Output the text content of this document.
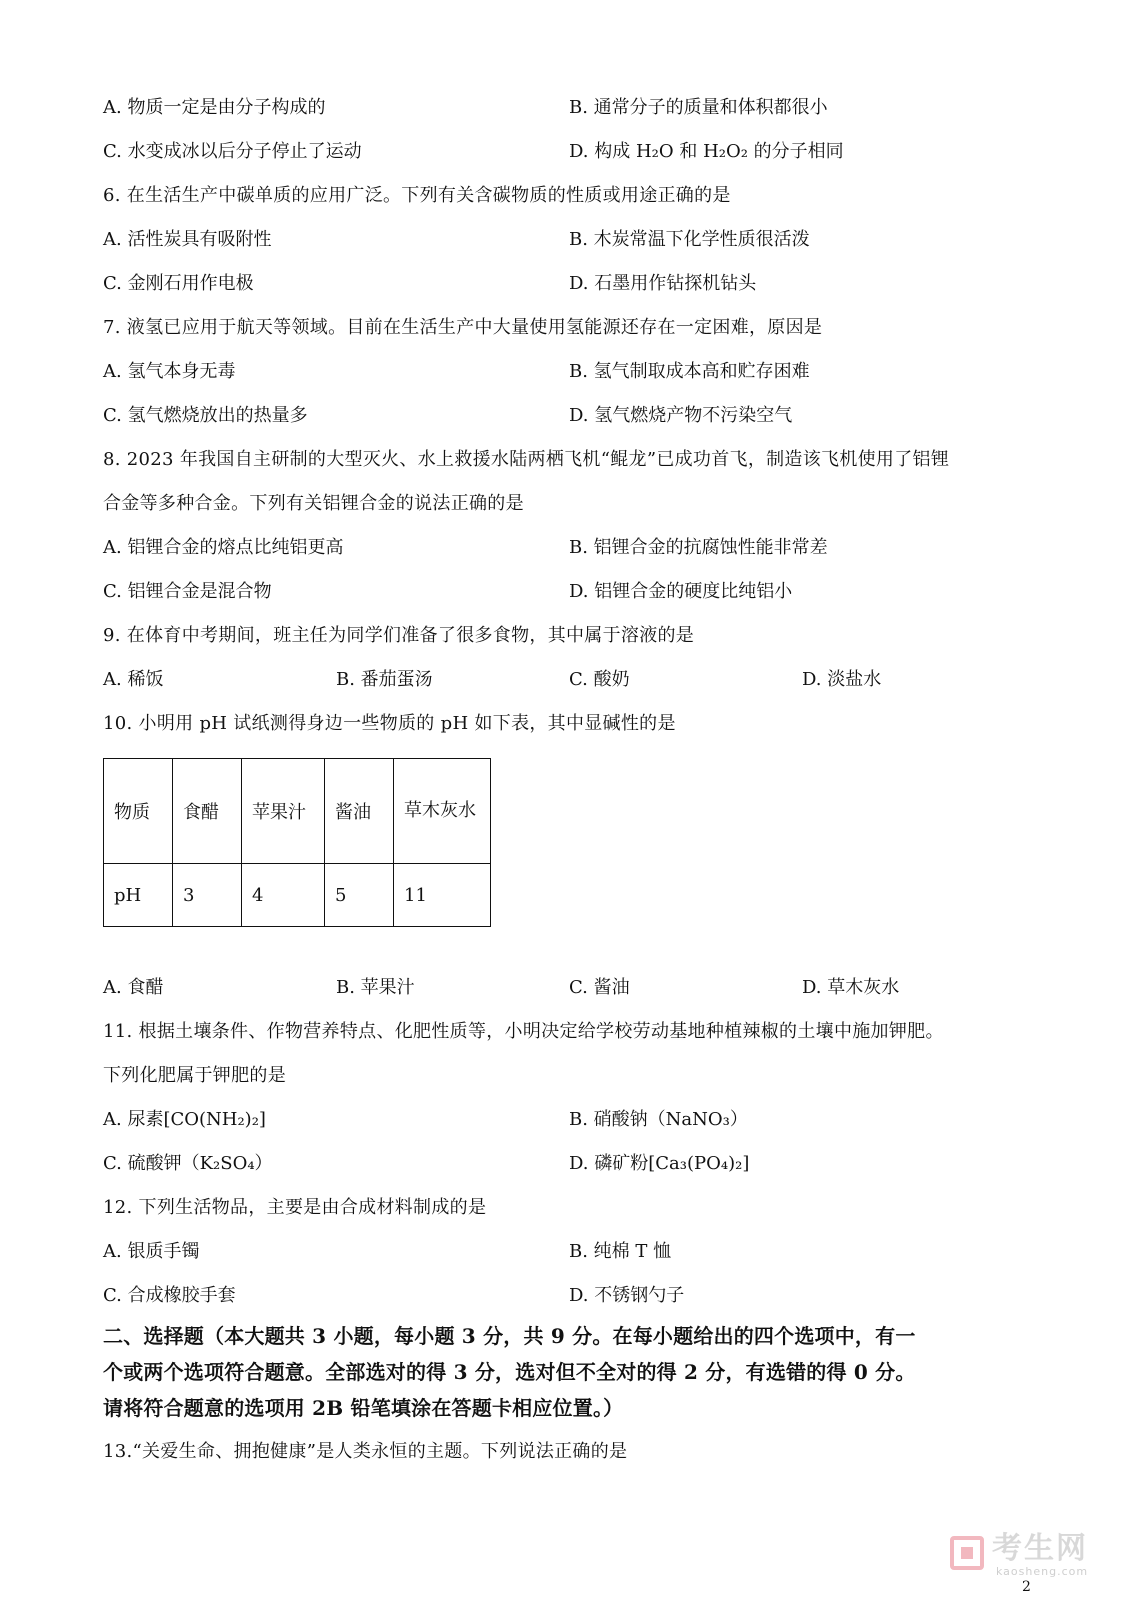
A. 物质一定是由分子构成的	B. 通常分子的质量和体积都很小
C. 水变成冰以后分子停止了运动	D. 构成 H₂O 和 H₂O₂ 的分子相同
6. 在生活生产中碳单质的应用广泛。下列有关含碳物质的性质或用途正确的是
A. 活性炭具有吸附性	B. 木炭常温下化学性质很活泼
C. 金刚石用作电极	D. 石墨用作钻探机钻头
7. 液氢已应用于航天等领域。目前在生活生产中大量使用氢能源还存在一定困难，原因是
A. 氢气本身无毒	B. 氢气制取成本高和贮存困难
C. 氢气燃烧放出的热量多	D. 氢气燃烧产物不污染空气
8. 2023 年我国自主研制的大型灭火、水上救援水陆两栖飞机“鲲龙”已成功首飞，制造该飞机使用了铝锂
合金等多种合金。下列有关铝锂合金的说法正确的是
A. 铝锂合金的熔点比纯铝更高	B. 铝锂合金的抗腐蚀性能非常差
C. 铝锂合金是混合物	D. 铝锂合金的硬度比纯铝小
9. 在体育中考期间，班主任为同学们准备了很多食物，其中属于溶液的是
A. 稀饭	B. 番茄蛋汤	C. 酸奶	D. 淡盐水
10. 小明用 pH 试纸测得身边一些物质的 pH 如下表，其中显碱性的是
物质	食醋	苹果汁	酱油	草木灰水
pH	3	4	5	11
A. 食醋	B. 苹果汁	C. 酱油	D. 草木灰水
11. 根据土壤条件、作物营养特点、化肥性质等，小明决定给学校劳动基地种植辣椒的土壤中施加钾肥。
下列化肥属于钾肥的是
A. 尿素[CO(NH₂)₂]	B. 硝酸钠（NaNO₃）
C. 硫酸钾（K₂SO₄）	D. 磷矿粉[Ca₃(PO₄)₂]
12. 下列生活物品，主要是由合成材料制成的是
A. 银质手镯	B. 纯棉 T 恤
C. 合成橡胶手套	D. 不锈钢勺子
二、选择题（本大题共 3 小题，每小题 3 分，共 9 分。在每小题给出的四个选项中，有一
个或两个选项符合题意。全部选对的得 3 分，选对但不全对的得 2 分，有选错的得 0 分。
请将符合题意的选项用 2B 铅笔填涂在答题卡相应位置。）
13.“关爱生命、拥抱健康”是人类永恒的主题。下列说法正确的是
考生网
kaosheng.com
2
